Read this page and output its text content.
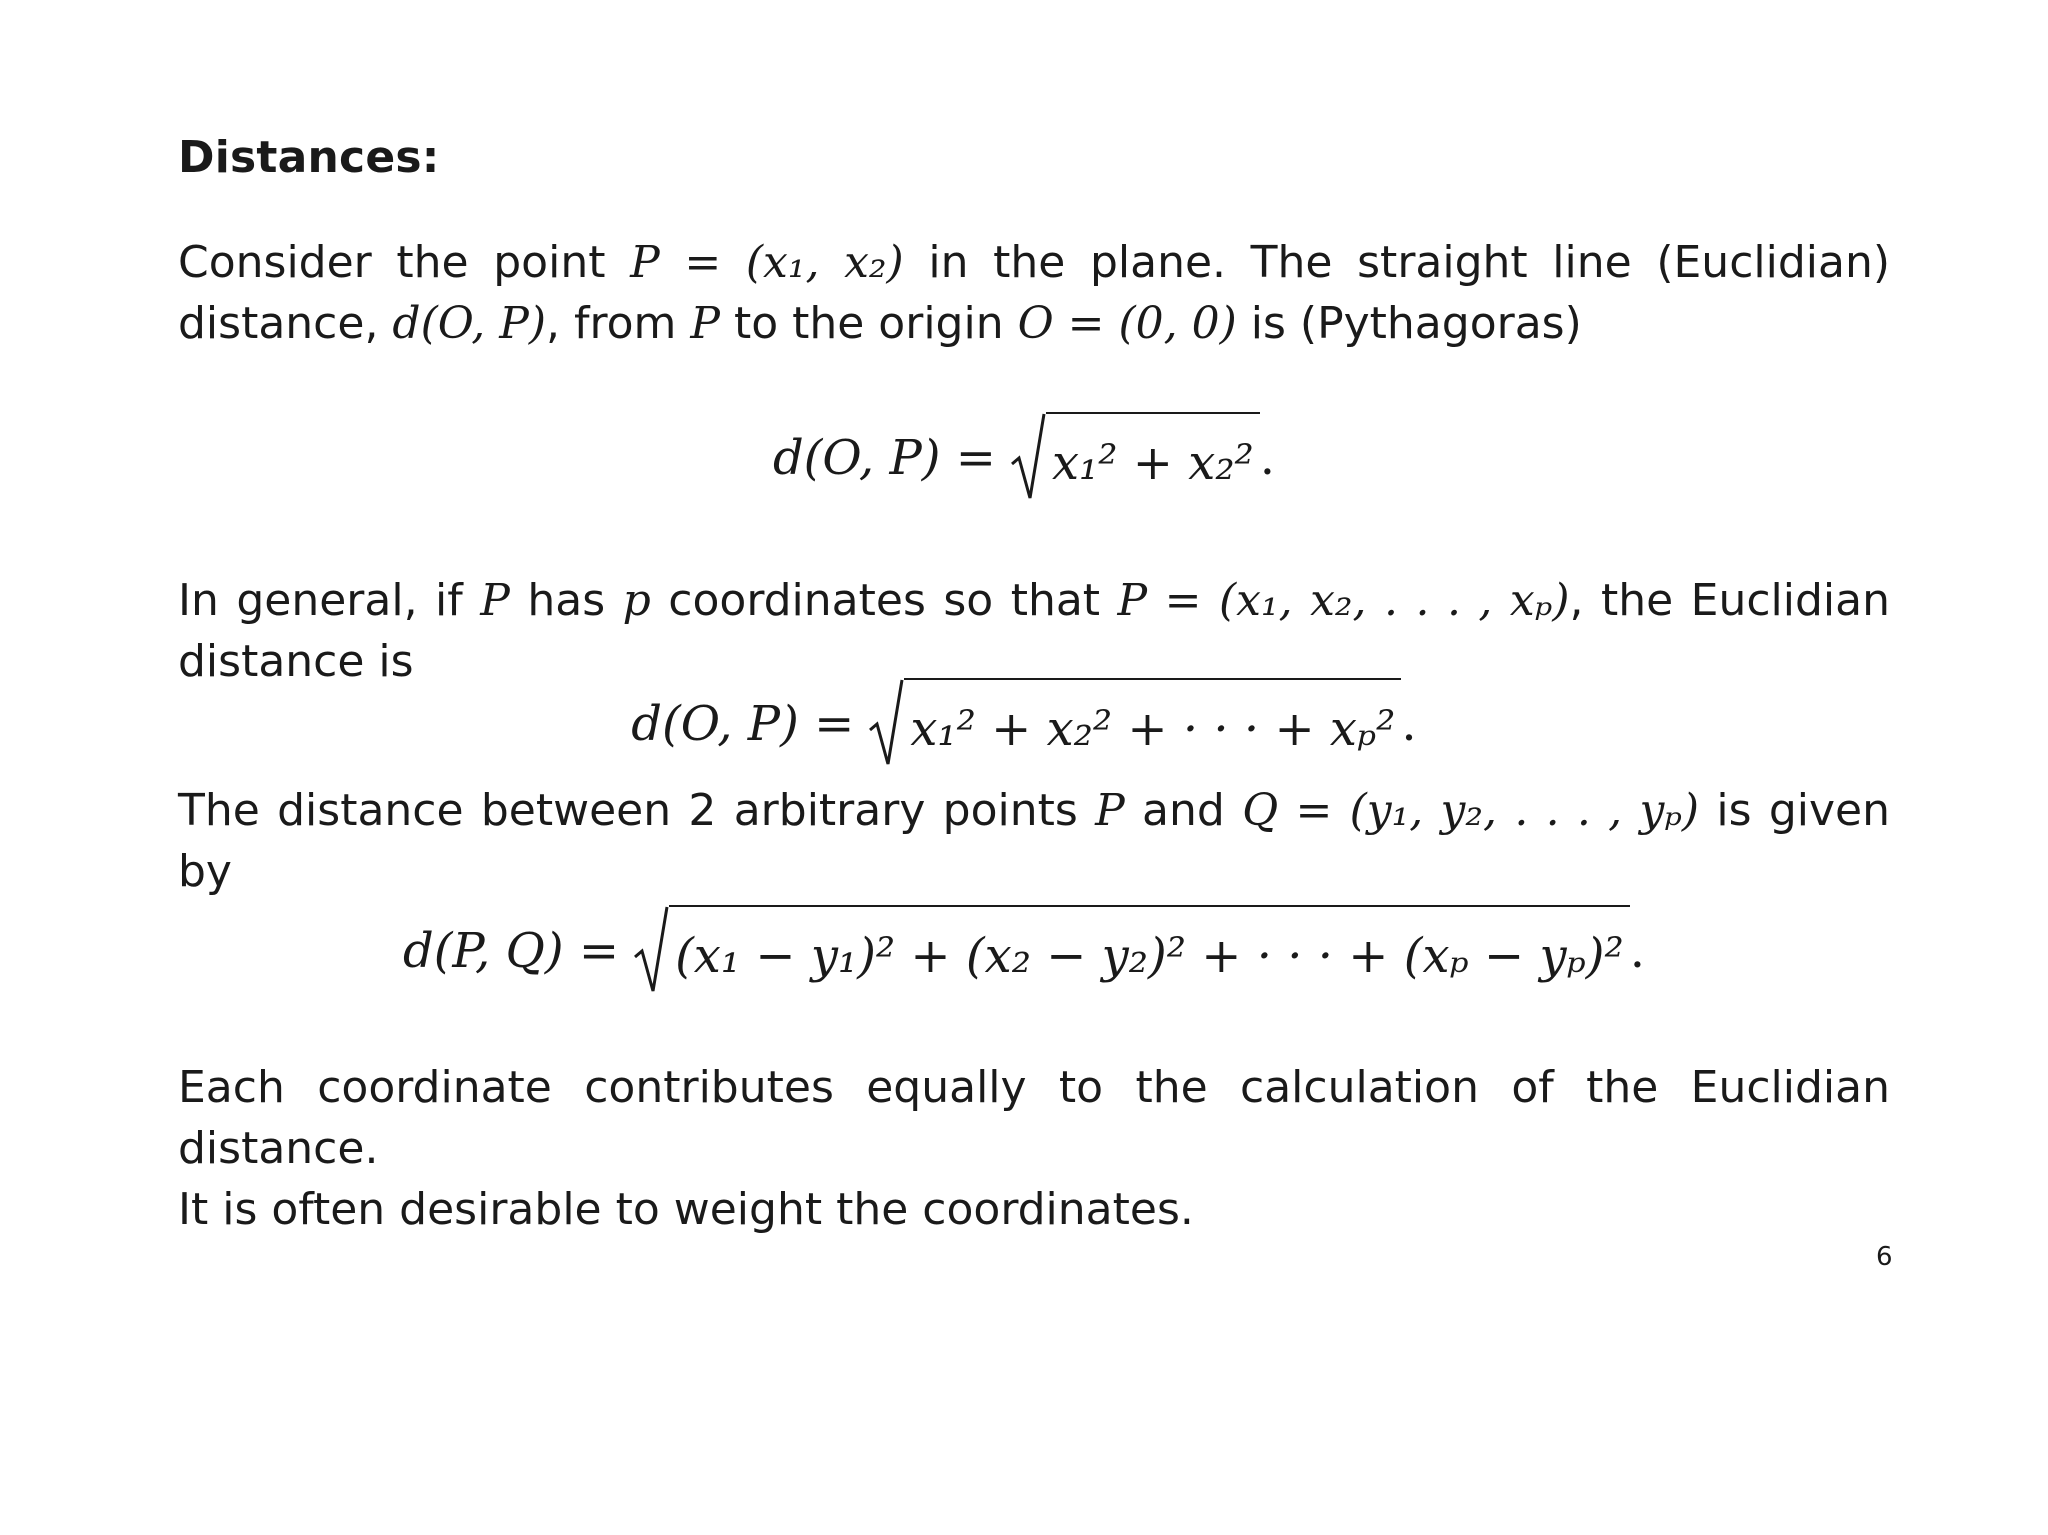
Distances:
Consider the point P = (x₁, x₂) in the plane. The straight line (Euclidian)
distance, d(O, P), from P to the origin O = (0, 0) is (Pythagoras)
d(O, P) = x₁² + x₂² .
In general, if P has p coordinates so that P = (x₁, x₂, . . . , xₚ), the Euclidian
distance is
d(O, P) = x₁² + x₂² + · · · + xₚ² .
The distance between 2 arbitrary points P and Q = (y₁, y₂, . . . , yₚ) is given by
d(P, Q) = (x₁ − y₁)² + (x₂ − y₂)² + · · · + (xₚ − yₚ)² .
Each coordinate contributes equally to the calculation of the Euclidian distance.
It is often desirable to weight the coordinates.
6
